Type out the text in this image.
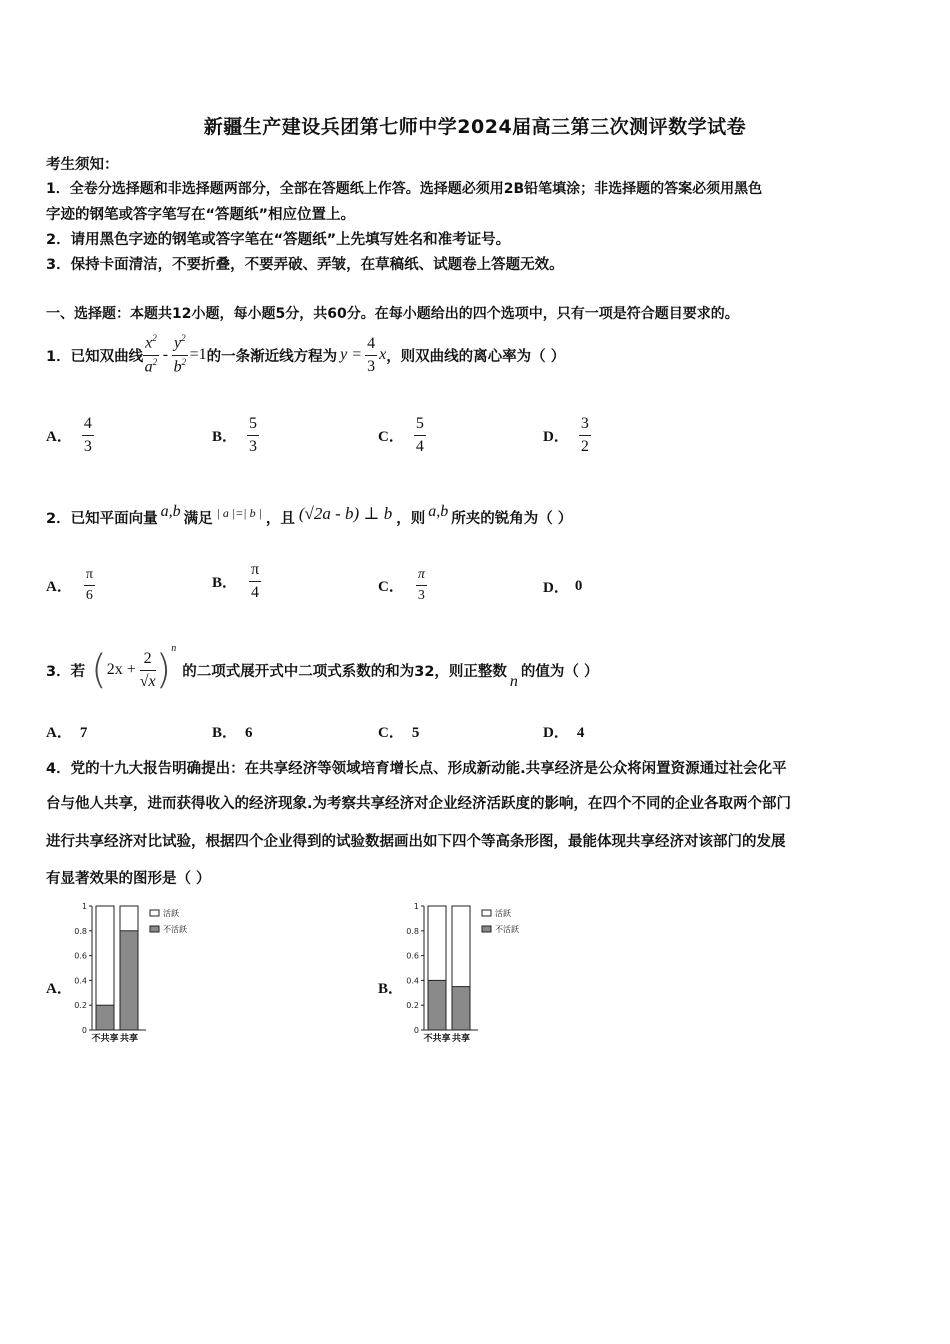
新疆生产建设兵团第七师中学2024届高三第三次测评数学试卷
考生须知：
1．全卷分选择题和非选择题两部分，全部在答题纸上作答。选择题必须用2B铅笔填涂；非选择题的答案必须用黑色
字迹的钢笔或答字笔写在“答题纸”相应位置上。
2．请用黑色字迹的钢笔或答字笔在“答题纸”上先填写姓名和准考证号。
3．保持卡面清洁，不要折叠，不要弄破、弄皱，在草稿纸、试题卷上答题无效。
一、选择题：本题共12小题，每小题5分，共60分。在每小题给出的四个选项中，只有一项是符合题目要求的。
1．已知双曲线 $\frac{x^2}{a^2} - \frac{y^2}{b^2} =1$ 的一条渐近线方程为 $y = \frac{4}{3}$ x ，则双曲线的离心率为（ ）
A． $\frac{4}{3}$	B． $\frac{5}{3}$	C． $\frac{5}{4}$	D． $\frac{3}{2}$
2．已知平面向量 a,b 满足 | a |=| b | ，且 (√2a - b) ⊥ b ，则 a,b 所夹的锐角为（ ）
A． $\frac{\pi}{6}$	B． $\frac{\pi}{4}$	C． $\frac{\pi}{3}$	D． 0
3．若 ( $2x + \frac{2}{√x}$ ) n
的二项式展开式中二项式系数的和为32，则正整数
n
的值为（ ）
A． 7	B． 6	C． 5	D． 4
4．党的十九大报告明确提出：在共享经济等领域培育增长点、形成新动能.共享经济是公众将闲置资源通过社会化平
台与他人共享，进而获得收入的经济现象.为考察共享经济对企业经济活跃度的影响，在四个不同的企业各取两个部门
进行共享经济对比试验，根据四个企业得到的试验数据画出如下四个等高条形图，最能体现共享经济对该部门的发展
有显著效果的图形是（ ）
A．	B．
0
0.2
0.4
0.6
0.8
1
不共享 共享
活跃
不活跃
0
0.2
0.4
0.6
0.8
1
不共享 共享
活跃
不活跃
